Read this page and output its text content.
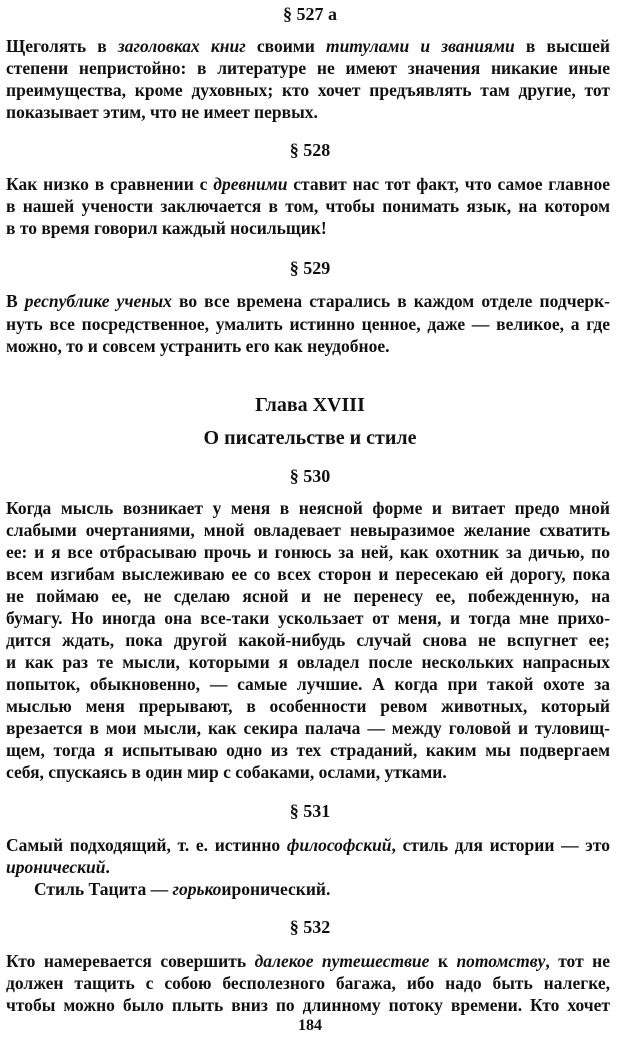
§ 527 а
Щеголять в заголовках книг своими титулами и званиями в высшей
степени непристойно: в литературе не имеют значения никакие иные
преимущества, кроме духовных; кто хочет предъявлять там другие, тот
показывает этим, что не имеет первых.
§ 528
Как низко в сравнении с древними ставит нас тот факт, что самое главное
в нашей учености заключается в том, чтобы понимать язык, на котором
в то время говорил каждый носильщик!
§ 529
В республике ученых во все времена старались в каждом отделе подчерк-
нуть все посредственное, умалить истинно ценное, даже — великое, а где
можно, то и совсем устранить его как неудобное.
Глава XVIII
О писательстве и стиле
§ 530
Когда мысль возникает у меня в неясной форме и витает предо мной
слабыми очертаниями, мной овладевает невыразимое желание схватить
ее: и я все отбрасываю прочь и гонюсь за ней, как охотник за дичью, по
всем изгибам выслеживаю ее со всех сторон и пересекаю ей дорогу, пока
не поймаю ее, не сделаю ясной и не перенесу ее, побежденную, на
бумагу. Но иногда она все-таки ускользает от меня, и тогда мне прихо-
дится ждать, пока другой какой-нибудь случай снова не вспугнет ее;
и как раз те мысли, которыми я овладел после нескольких напрасных
попыток, обыкновенно, — самые лучшие. А когда при такой охоте за
мыслью меня прерывают, в особенности ревом животных, который
врезается в мои мысли, как секира палача — между головой и туловищ-
щем, тогда я испытываю одно из тех страданий, каким мы подвергаем
себя, спускаясь в один мир с собаками, ослами, утками.
§ 531
Самый подходящий, т. е. истинно философский, стиль для истории — это
иронический.
Стиль Тацита — горькоиронический.
§ 532
Кто намеревается совершить далекое путешествие к потомству, тот не
должен тащить с собою бесполезного багажа, ибо надо быть налегке,
чтобы можно было плыть вниз по длинному потоку времени. Кто хочет
184
